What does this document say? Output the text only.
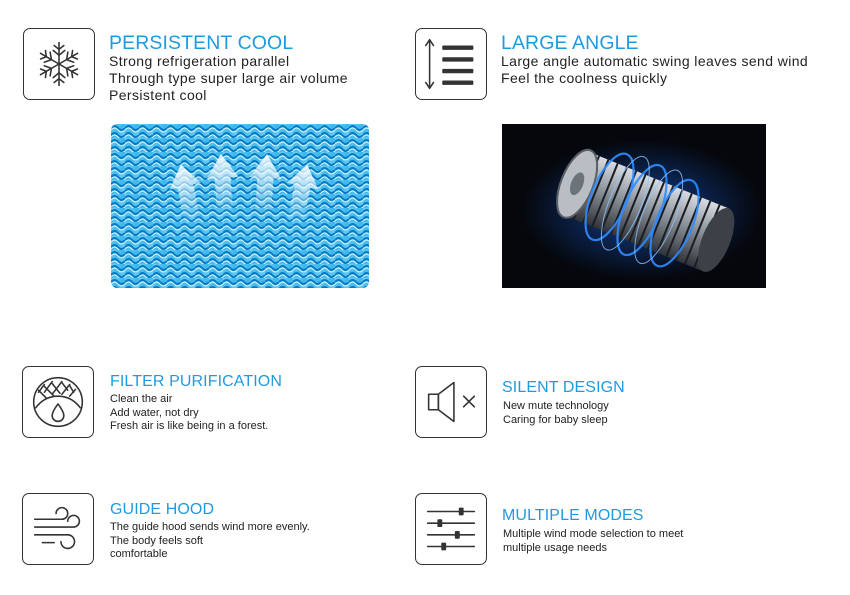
PERSISTENT COOL
Strong refrigeration parallel
Through type super large air volume
Persistent cool
LARGE ANGLE
Large angle automatic swing leaves send wind
Feel the coolness quickly
FILTER PURIFICATION
Clean the air
Add water, not dry
Fresh air is like being in a forest.
SILENT DESIGN
New mute technology
Caring for baby sleep
GUIDE HOOD
The guide hood sends wind more evenly.
The body feels soft
comfortable
MULTIPLE MODES
Multiple wind mode selection to meet
multiple usage needs
